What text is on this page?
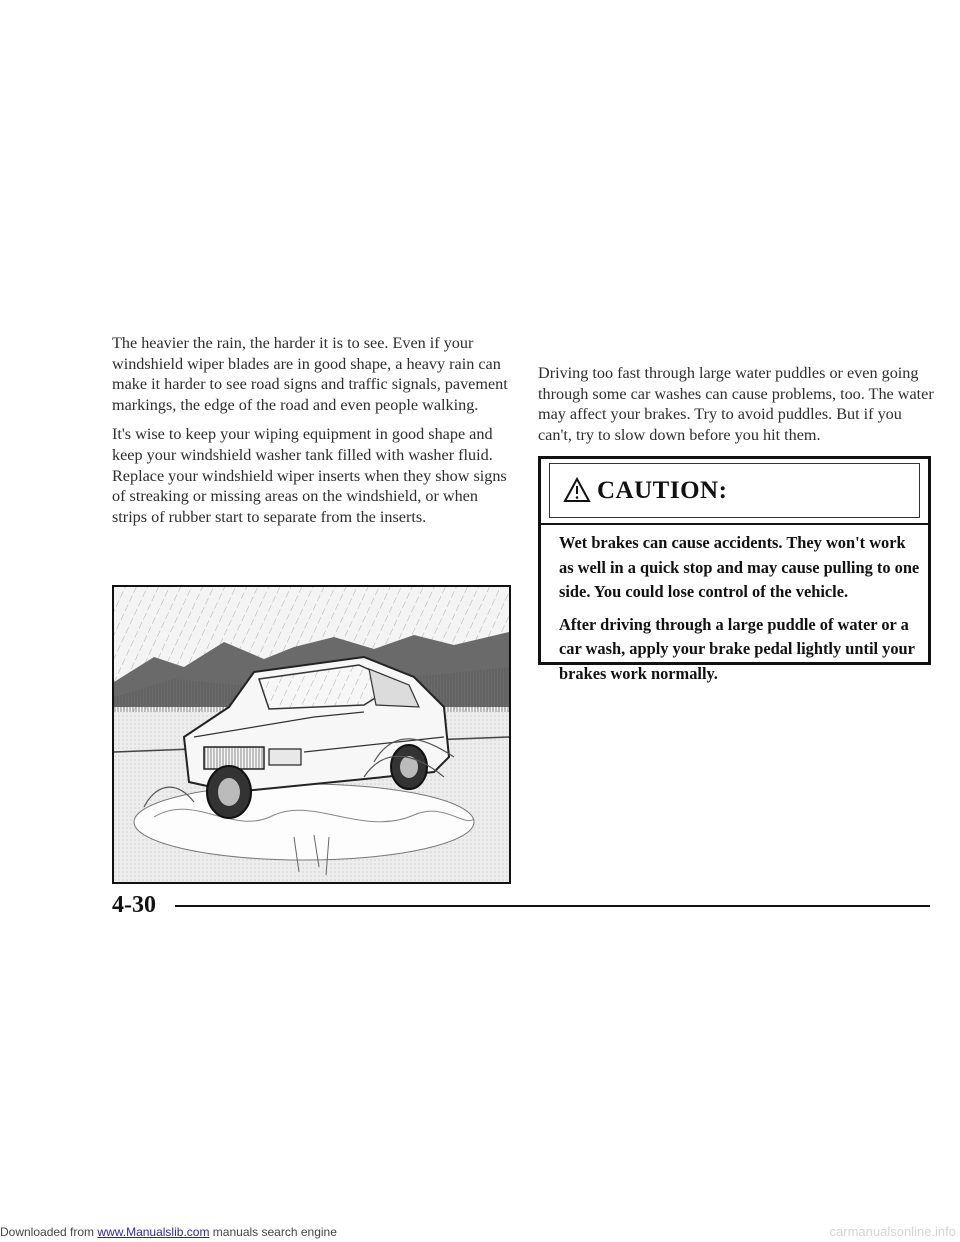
The heavier the rain, the harder it is to see. Even if your windshield wiper blades are in good shape, a heavy rain can make it harder to see road signs and traffic signals, pavement markings, the edge of the road and even people walking.

It's wise to keep your wiping equipment in good shape and keep your windshield washer tank filled with washer fluid. Replace your windshield wiper inserts when they show signs of streaking or missing areas on the windshield, or when strips of rubber start to separate from the inserts.

Driving too fast through large water puddles or even going through some car washes can cause problems, too. The water may affect your brakes. Try to avoid puddles. But if you can't, try to slow down before you hit them.

CAUTION:

Wet brakes can cause accidents. They won't work as well in a quick stop and may cause pulling to one side. You could lose control of the vehicle.

After driving through a large puddle of water or a car wash, apply your brake pedal lightly until your brakes work normally.

4-30
Downloaded from www.Manualslib.com manuals search engine	carmanualsonline.info
